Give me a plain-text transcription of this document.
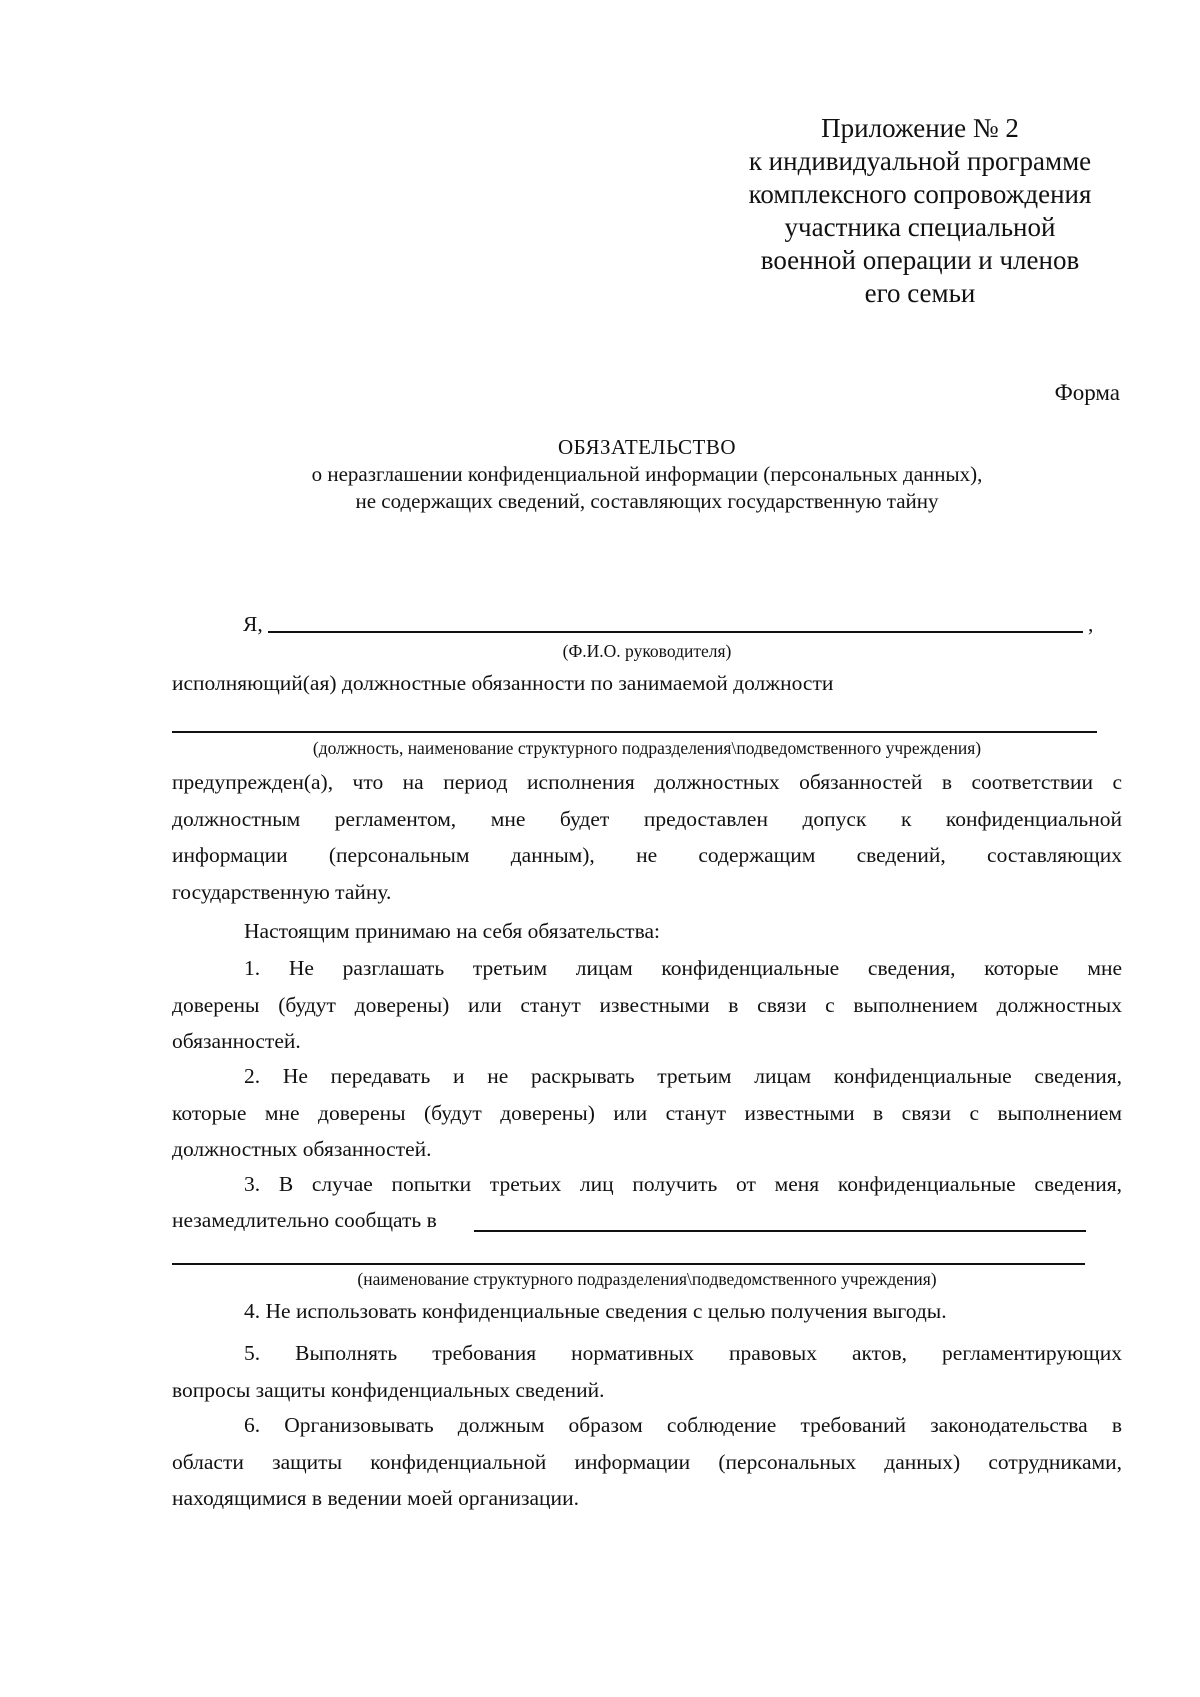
Приложение № 2
к индивидуальной программе
комплексного сопровождения
участника специальной
военной операции и членов
его семьи
Форма
ОБЯЗАТЕЛЬСТВО
о неразглашении конфиденциальной информации (персональных данных),
не содержащих сведений, составляющих государственную тайну
Я,	,
(Ф.И.О. руководителя)
исполняющий(ая) должностные обязанности по занимаемой должности
(должность, наименование структурного подразделения\подведомственного учреждения)
предупрежден(а), что на период исполнения должностных обязанностей в соответствии с
должностным регламентом, мне будет предоставлен допуск к конфиденциальной
информации (персональным данным), не содержащим сведений, составляющих
государственную тайну.
Настоящим принимаю на себя обязательства:
1. Не разглашать третьим лицам конфиденциальные сведения, которые мне
доверены (будут доверены) или станут известными в связи с выполнением должностных
обязанностей.
2. Не передавать и не раскрывать третьим лицам конфиденциальные сведения,
которые мне доверены (будут доверены) или станут известными в связи с выполнением
должностных обязанностей.
3. В случае попытки третьих лиц получить от меня конфиденциальные сведения,
незамедлительно сообщать в
(наименование структурного подразделения\подведомственного учреждения)
4. Не использовать конфиденциальные сведения с целью получения выгоды.
5. Выполнять требования нормативных правовых актов, регламентирующих
вопросы защиты конфиденциальных сведений.
6. Организовывать должным образом соблюдение требований законодательства в
области защиты конфиденциальной информации (персональных данных) сотрудниками,
находящимися в ведении моей организации.
